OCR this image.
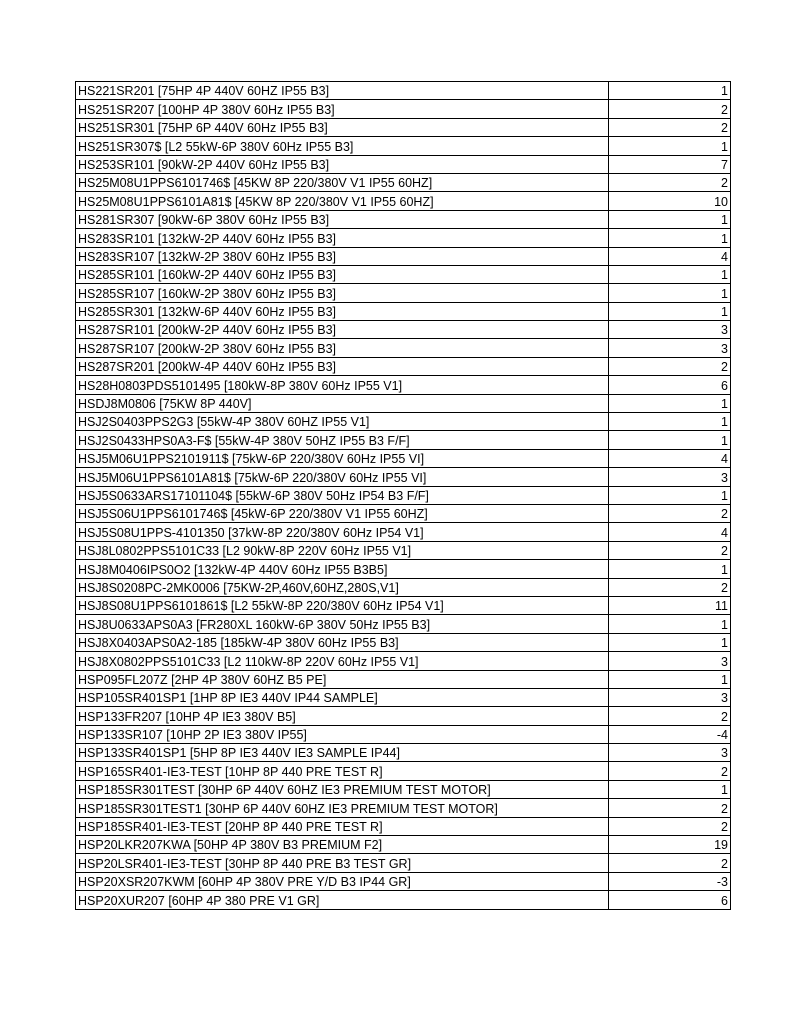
HS221SR201 [75HP 4P 440V 60HZ IP55 B3]	1
HS251SR207 [100HP 4P 380V 60Hz IP55 B3]	2
HS251SR301 [75HP 6P 440V 60Hz IP55 B3]	2
HS251SR307$ [L2 55kW-6P 380V 60Hz IP55 B3]	1
HS253SR101 [90kW-2P 440V 60Hz IP55 B3]	7
HS25M08U1PPS6101746$ [45KW 8P 220/380V V1 IP55 60HZ]	2
HS25M08U1PPS6101A81$ [45KW 8P 220/380V V1 IP55 60HZ]	10
HS281SR307 [90kW-6P 380V 60Hz IP55 B3]	1
HS283SR101 [132kW-2P 440V 60Hz IP55 B3]	1
HS283SR107 [132kW-2P 380V 60Hz IP55 B3]	4
HS285SR101 [160kW-2P 440V 60Hz IP55 B3]	1
HS285SR107 [160kW-2P 380V 60Hz IP55 B3]	1
HS285SR301 [132kW-6P 440V 60Hz IP55 B3]	1
HS287SR101 [200kW-2P 440V 60Hz IP55 B3]	3
HS287SR107 [200kW-2P 380V 60Hz IP55 B3]	3
HS287SR201 [200kW-4P 440V 60Hz IP55 B3]	2
HS28H0803PDS5101495 [180kW-8P 380V 60Hz IP55 V1]	6
HSDJ8M0806 [75KW 8P 440V]	1
HSJ2S0403PPS2G3 [55kW-4P 380V 60HZ IP55 V1]	1
HSJ2S0433HPS0A3-F$ [55kW-4P 380V 50HZ IP55 B3 F/F]	1
HSJ5M06U1PPS2101911$ [75kW-6P 220/380V 60Hz IP55 VI]	4
HSJ5M06U1PPS6101A81$ [75kW-6P 220/380V 60Hz IP55 VI]	3
HSJ5S0633ARS17101104$ [55kW-6P 380V 50Hz IP54 B3 F/F]	1
HSJ5S06U1PPS6101746$ [45kW-6P 220/380V V1 IP55 60HZ]	2
HSJ5S08U1PPS-4101350 [37kW-8P 220/380V 60Hz IP54 V1]	4
HSJ8L0802PPS5101C33 [L2 90kW-8P 220V 60Hz IP55 V1]	2
HSJ8M0406IPS0O2 [132kW-4P 440V 60Hz IP55 B3B5]	1
HSJ8S0208PC-2MK0006 [75KW-2P,460V,60HZ,280S,V1]	2
HSJ8S08U1PPS6101861$ [L2 55kW-8P 220/380V 60Hz IP54 V1]	11
HSJ8U0633APS0A3 [FR280XL 160kW-6P 380V 50Hz IP55 B3]	1
HSJ8X0403APS0A2-185 [185kW-4P 380V 60Hz IP55 B3]	1
HSJ8X0802PPS5101C33 [L2 110kW-8P 220V 60Hz IP55 V1]	3
HSP095FL207Z [2HP 4P 380V 60HZ B5 PE]	1
HSP105SR401SP1 [1HP 8P IE3 440V IP44 SAMPLE]	3
HSP133FR207 [10HP 4P IE3 380V B5]	2
HSP133SR107 [10HP 2P IE3 380V IP55]	-4
HSP133SR401SP1 [5HP 8P IE3 440V IE3 SAMPLE IP44]	3
HSP165SR401-IE3-TEST [10HP 8P 440 PRE TEST R]	2
HSP185SR301TEST [30HP 6P 440V 60HZ IE3 PREMIUM TEST MOTOR]	1
HSP185SR301TEST1 [30HP 6P 440V 60HZ IE3 PREMIUM TEST MOTOR]	2
HSP185SR401-IE3-TEST [20HP 8P 440 PRE TEST R]	2
HSP20LKR207KWA [50HP 4P 380V B3 PREMIUM F2]	19
HSP20LSR401-IE3-TEST [30HP 8P 440 PRE B3 TEST GR]	2
HSP20XSR207KWM [60HP 4P 380V PRE Y/D B3 IP44 GR]	-3
HSP20XUR207 [60HP 4P 380 PRE V1 GR]	6
